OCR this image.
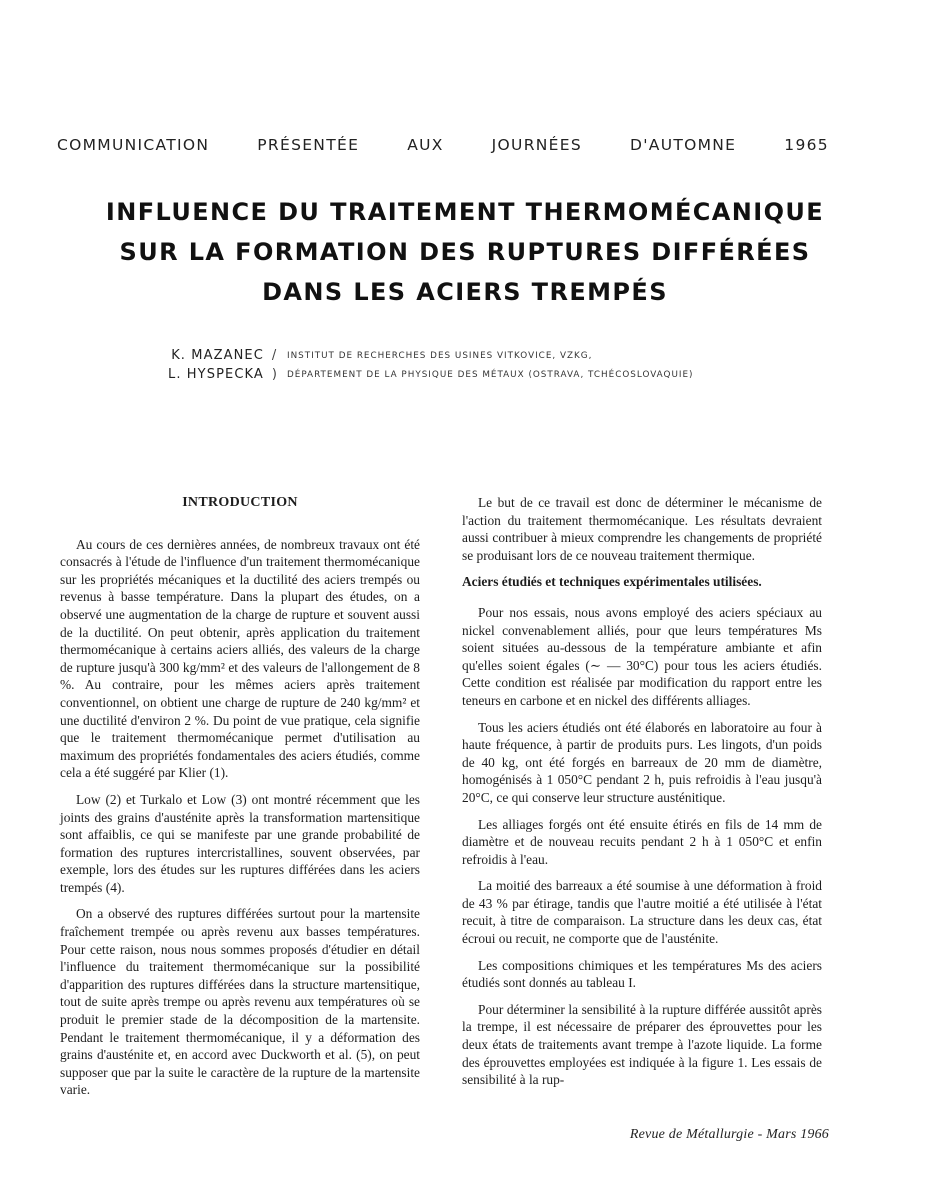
COMMUNICATION	PRÉSENTÉE	AUX	JOURNÉES	D'AUTOMNE	1965
INFLUENCE DU TRAITEMENT THERMOMÉCANIQUE
SUR LA FORMATION DES RUPTURES DIFFÉRÉES
DANS LES ACIERS TREMPÉS
K. MAZANEC
L. HYSPECKA
/
)
INSTITUT DE RECHERCHES DES USINES VITKOVICE, VZKG,
DÉPARTEMENT DE LA PHYSIQUE DES MÉTAUX (OSTRAVA, TCHÉCOSLOVAQUIE)
INTRODUCTION

Au cours de ces dernières années, de nombreux travaux ont été consacrés à l'étude de l'influence d'un traitement thermomécanique sur les propriétés mécaniques et la ductilité des aciers trempés ou revenus à basse température. Dans la plupart des études, on a observé une augmentation de la charge de rupture et souvent aussi de la ductilité. On peut obtenir, après application du traitement thermomécanique à certains aciers alliés, des valeurs de la charge de rupture jusqu'à 300 kg/mm² et des valeurs de l'allongement de 8 %. Au contraire, pour les mêmes aciers après traitement conventionnel, on obtient une charge de rupture de 240 kg/mm² et une ductilité d'environ 2 %. Du point de vue pratique, cela signifie que le traitement thermomécanique permet d'utilisation au maximum des propriétés fondamentales des aciers étudiés, comme cela a été suggéré par Klier (1).

Low (2) et Turkalo et Low (3) ont montré récemment que les joints des grains d'austénite après la transformation martensitique sont affaiblis, ce qui se manifeste par une grande probabilité de formation des ruptures intercristallines, souvent observées, par exemple, lors des études sur les ruptures différées dans les aciers trempés (4).

On a observé des ruptures différées surtout pour la martensite fraîchement trempée ou après revenu aux basses températures. Pour cette raison, nous nous sommes proposés d'étudier en détail l'influence du traitement thermomécanique sur la possibilité d'apparition des ruptures différées dans la structure martensitique, tout de suite après trempe ou après revenu aux températures où se produit le premier stade de la décomposition de la martensite. Pendant le traitement thermomécanique, il y a déformation des grains d'austénite et, en accord avec Duckworth et al. (5), on peut supposer que par la suite le caractère de la rupture de la martensite varie.

Le but de ce travail est donc de déterminer le mécanisme de l'action du traitement thermomécanique. Les résultats devraient aussi contribuer à mieux comprendre les changements de propriété se produisant lors de ce nouveau traitement thermique.

Aciers étudiés et techniques expérimentales utilisées.

Pour nos essais, nous avons employé des aciers spéciaux au nickel convenablement alliés, pour que leurs températures Ms soient situées au-dessous de la température ambiante et afin qu'elles soient égales (∼ — 30°C) pour tous les aciers étudiés. Cette condition est réalisée par modification du rapport entre les teneurs en carbone et en nickel des différents alliages.

Tous les aciers étudiés ont été élaborés en laboratoire au four à haute fréquence, à partir de produits purs. Les lingots, d'un poids de 40 kg, ont été forgés en barreaux de 20 mm de diamètre, homogénisés à 1 050°C pendant 2 h, puis refroidis à l'eau jusqu'à 20°C, ce qui conserve leur structure austénitique.

Les alliages forgés ont été ensuite étirés en fils de 14 mm de diamètre et de nouveau recuits pendant 2 h à 1 050°C et enfin refroidis à l'eau.

La moitié des barreaux a été soumise à une déformation à froid de 43 % par étirage, tandis que l'autre moitié a été utilisée à l'état recuit, à titre de comparaison. La structure dans les deux cas, état écroui ou recuit, ne comporte que de l'austénite.

Les compositions chimiques et les températures Ms des aciers étudiés sont donnés au tableau I.

Pour déterminer la sensibilité à la rupture différée aussitôt après la trempe, il est nécessaire de préparer des éprouvettes pour les deux états de traitements avant trempe à l'azote liquide. La forme des éprouvettes employées est indiquée à la figure 1. Les essais de sensibilité à la rup-

Revue de Métallurgie - Mars 1966
